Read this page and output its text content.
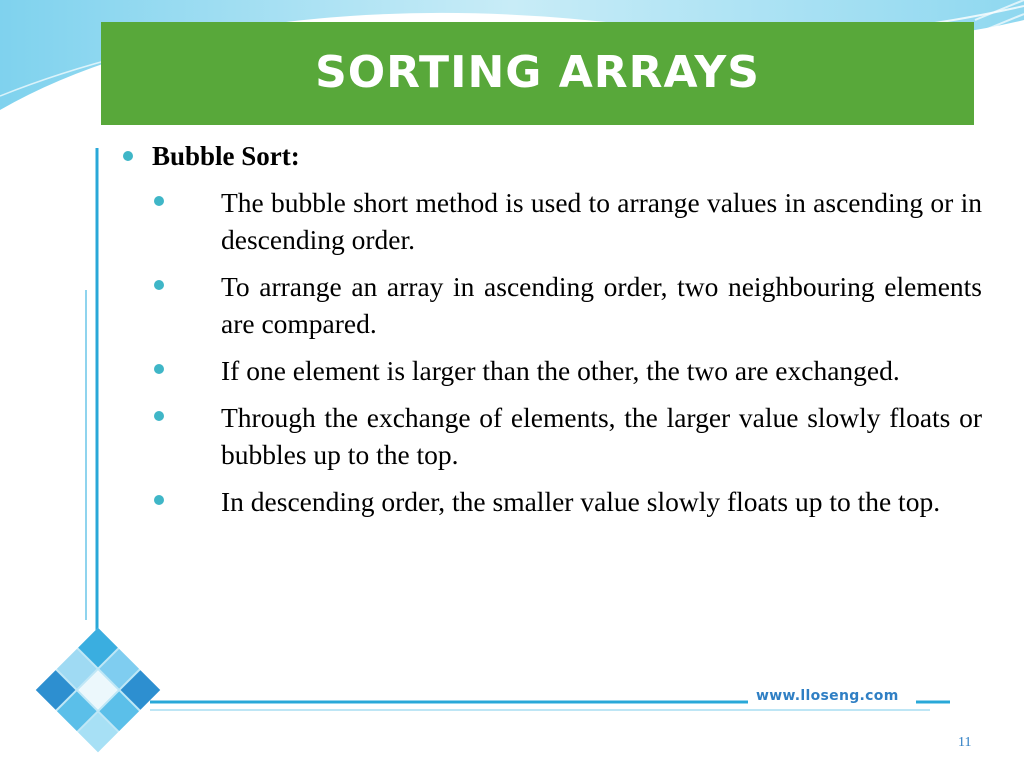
SORTING ARRAYS
Bubble Sort:
The bubble short method is used to arrange values in ascending or in descending order.
To arrange an array in ascending order, two neighbouring elements are compared.
If one element is larger than the other, the two are exchanged.
Through the exchange of elements, the larger value slowly floats or bubbles up to the top.
In descending order, the smaller value slowly floats up to the top.
www.lloseng.com
11
